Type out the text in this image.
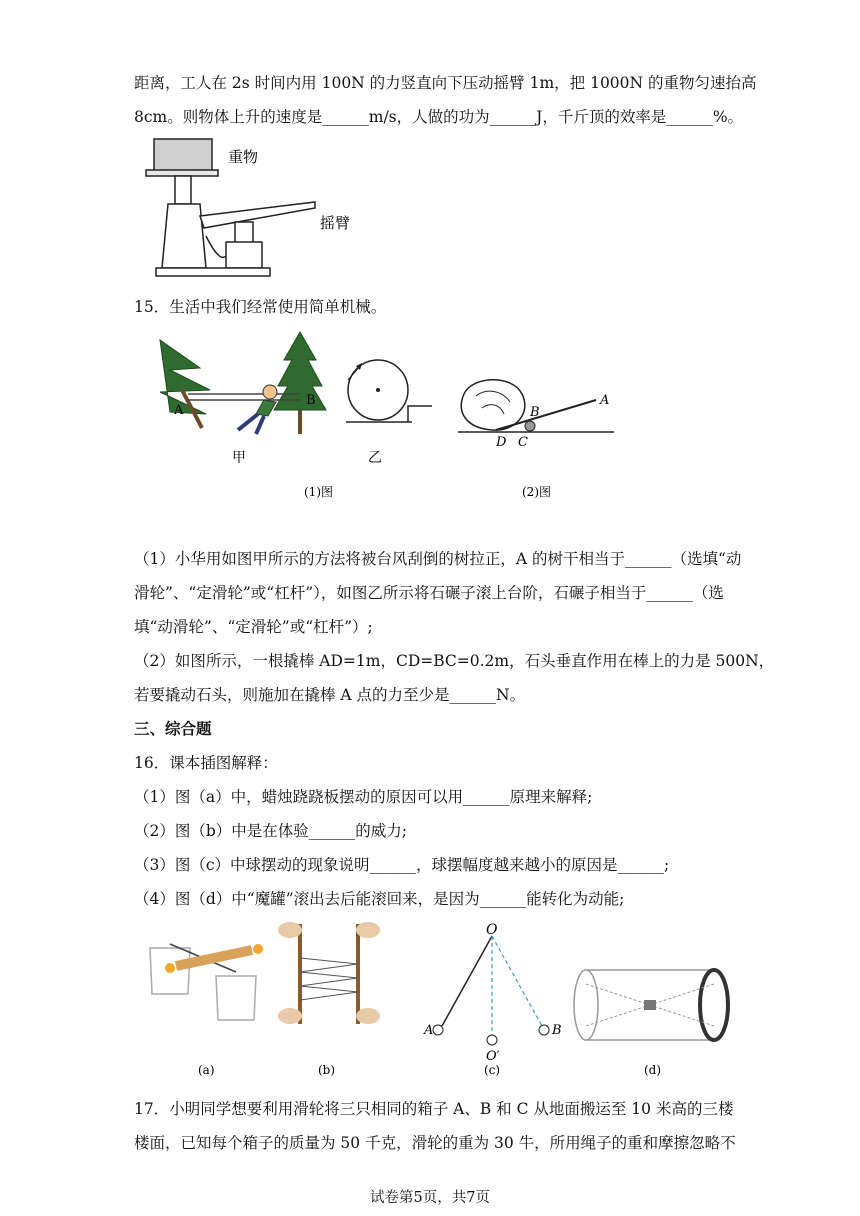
距离，工人在 2s 时间内用 100N 的力竖直向下压动摇臂 1m，把 1000N 的重物匀速抬高
8cm。则物体上升的速度是______m/s，人做的功为______J，千斤顶的效率是______%。
重物
摇臂
15．生活中我们经常使用简单机械。
A
B
甲	乙
(1)图
A
B
C
D
(2)图
（1）小华用如图甲所示的方法将被台风刮倒的树拉正，A 的树干相当于______（选填“动
滑轮”、“定滑轮”或“杠杆”），如图乙所示将石碾子滚上台阶，石碾子相当于______（选
填“动滑轮”、“定滑轮”或“杠杆”）;
（2）如图所示，一根撬棒 AD=1m，CD=BC=0.2m，石头垂直作用在棒上的力是 500N，
若要撬动石头，则施加在撬棒 A 点的力至少是______N。
三、综合题
16．课本插图解释：
（1）图（a）中，蜡烛跷跷板摆动的原因可以用______原理来解释;
（2）图（b）中是在体验______的威力;
（3）图（c）中球摆动的现象说明______，球摆幅度越来越小的原因是______;
（4）图（d）中“魔罐”滚出去后能滚回来，是因为______能转化为动能;
(a)	(b)
O
A	B
O′
(c)	(d)
17．小明同学想要利用滑轮将三只相同的箱子 A、B 和 C 从地面搬运至 10 米高的三楼
楼面，已知每个箱子的质量为 50 千克，滑轮的重为 30 牛，所用绳子的重和摩擦忽略不
试卷第5页，共7页
